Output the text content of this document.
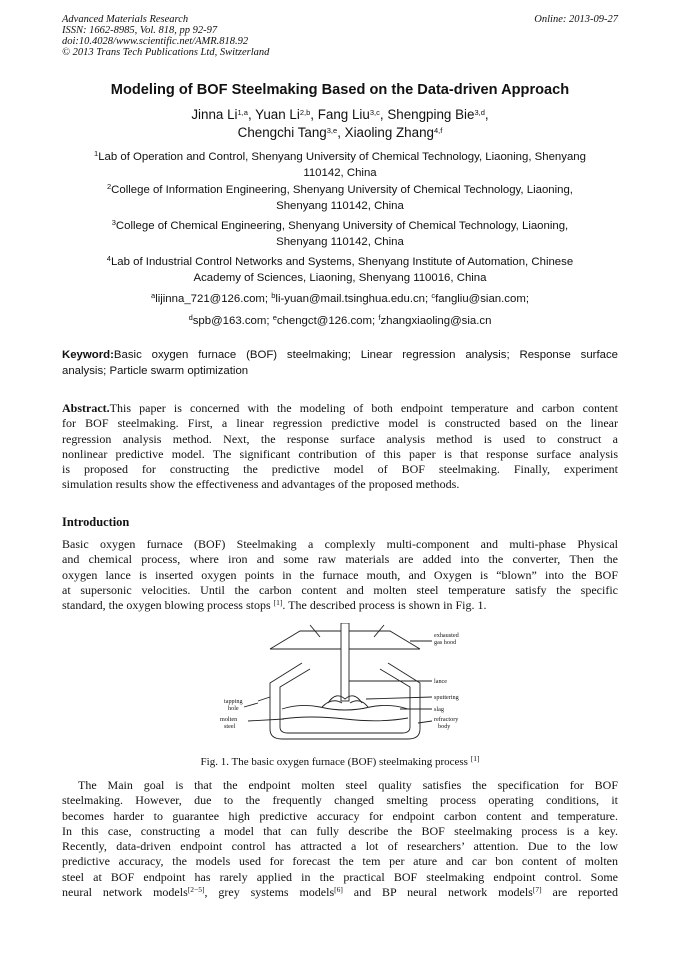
Advanced Materials Research
ISSN: 1662-8985, Vol. 818, pp 92-97
doi:10.4028/www.scientific.net/AMR.818.92
© 2013 Trans Tech Publications Ltd, Switzerland
Online: 2013-09-27
Modeling of BOF Steelmaking Based on the Data-driven Approach
Jinna Li$^{1,a}$, Yuan Li$^{2,b}$, Fang Liu$^{3,c}$, Shengping Bie$^{3,d}$,
Chengchi Tang$^{3,e}$, Xiaoling Zhang$^{4,f}$
$^1$Lab of Operation and Control, Shenyang University of Chemical Technology, Liaoning, Shenyang
110142, China
$^2$College of Information Engineering, Shenyang University of Chemical Technology, Liaoning,
Shenyang 110142, China
$^3$College of Chemical Engineering, Shenyang University of Chemical Technology, Liaoning,
Shenyang 110142, China
$^4$Lab of Industrial Control Networks and Systems, Shenyang Institute of Automation, Chinese
Academy of Sciences, Liaoning, Shenyang 110016, China
$^a$lijinna_721@126.com; $^b$li-yuan@mail.tsinghua.edu.cn; $^c$fangliu@sian.com;
$^d$spb@163.com; $^e$chengct@126.com; $^f$zhangxiaoling@sia.cn
Keyword:Basic oxygen furnace (BOF) steelmaking; Linear regression analysis; Response surface
analysis; Particle swarm optimization
Abstract.This paper is concerned with the modeling of both endpoint temperature and carbon content
for BOF steelmaking. First, a linear regression predictive model is constructed based on the linear
regression analysis method. Next, the response surface analysis method is used to construct a
nonlinear predictive model. The significant contribution of this paper is that response surface analysis
is proposed for constructing the predictive model of BOF steelmaking. Finally, experiment
simulation results show the effectiveness and advantages of the proposed methods.
Introduction
Basic oxygen furnace (BOF) Steelmaking a complexly multi-component and multi-phase Physical
and chemical process, where iron and some raw materials are added into the converter, Then the
oxygen lance is inserted oxygen points in the furnace mouth, and Oxygen is “blown” into the BOF
at supersonic velocities. Until the carbon content and molten steel temperature satisfy the specific
standard, the oxygen blowing process stops [1]. The described process is shown in Fig. 1.
exhausted
gas hood
lance
sputtering
slag
refractory
body
tapping
hole
molten
steel
Fig. 1. The basic oxygen furnace (BOF) steelmaking process [1]
The Main goal is that the endpoint molten steel quality satisfies the specification for BOF
steelmaking. However, due to the frequently changed smelting process operating conditions, it
becomes harder to guarantee high predictive accuracy for endpoint carbon content and temperature.
In this case, constructing a model that can fully describe the BOF steelmaking process is a key.
Recently, data-driven endpoint control has attracted a lot of researchers’ attention. Due to the low
predictive accuracy, the models used for forecast the tem per ature and car bon content of molten
steel at BOF endpoint has rarely applied in the practical BOF steelmaking endpoint control. Some
neural network models[2−5], grey systems models[6] and BP neural network models[7] are reported
